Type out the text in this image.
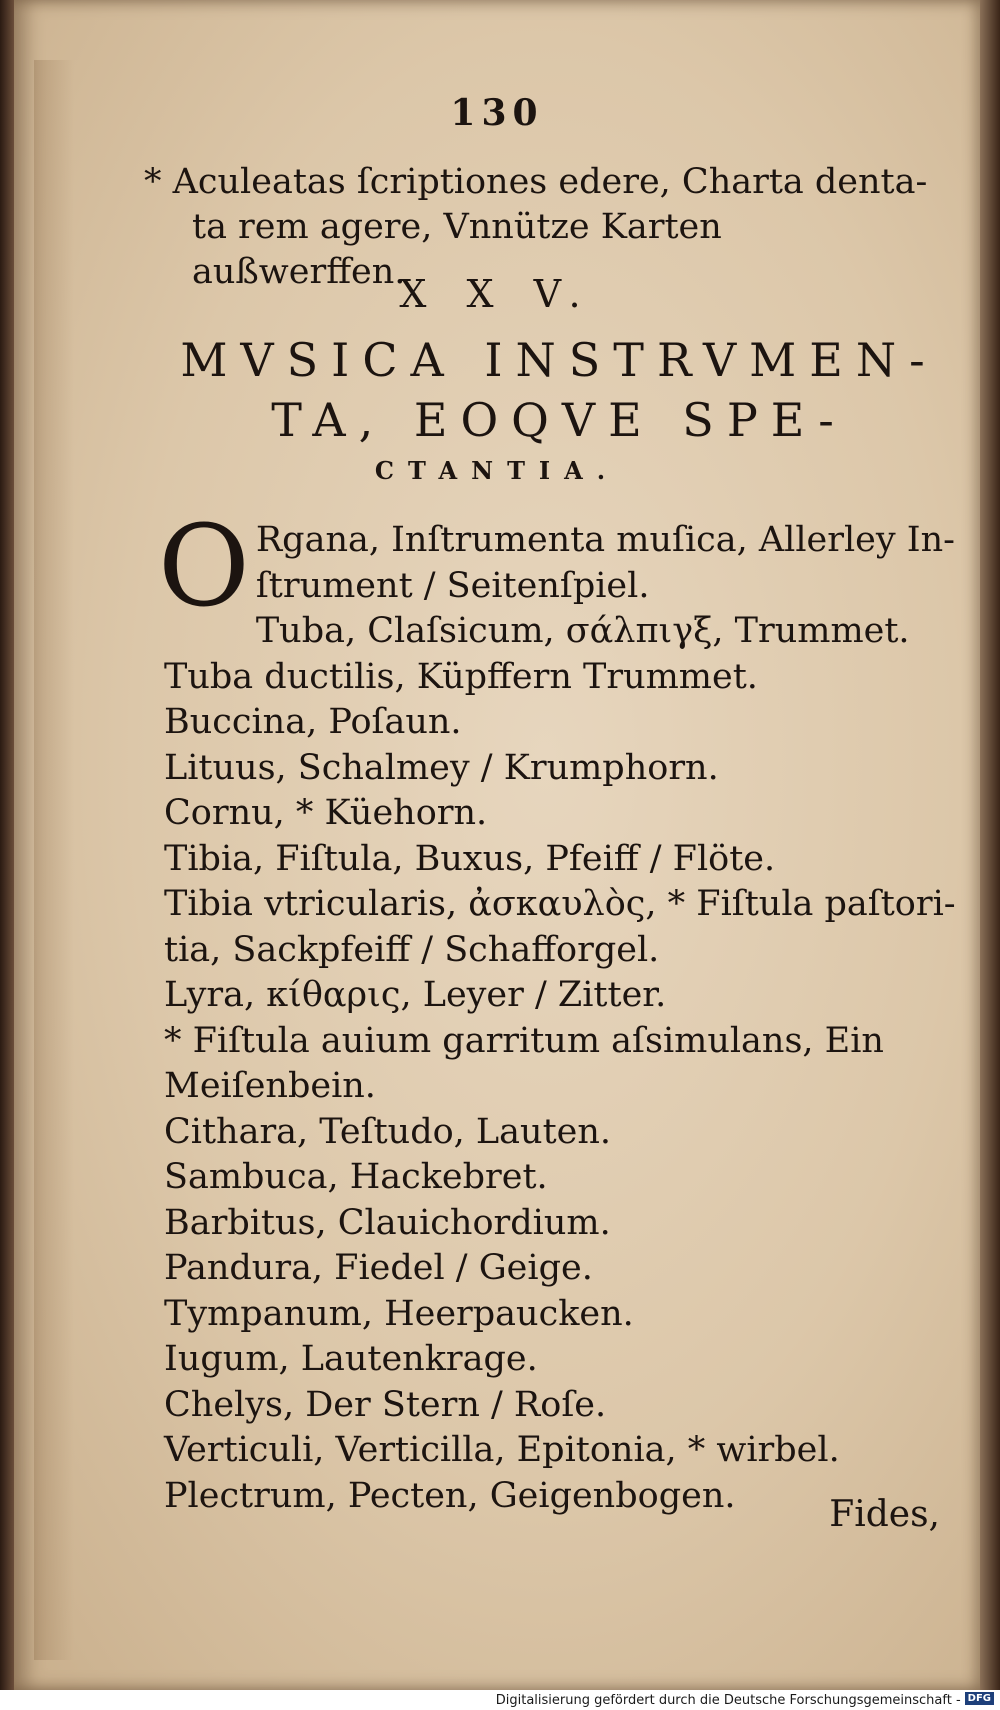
130
* Aculeatas ſcriptiones edere, Charta denta-
ta rem agere, Vnnütze Karten außwerffen.
X X V.
MVSICA INSTRVMEN-
TA, EOQVE SPE-
CTANTIA.
O Rgana, Inſtrumenta muſica, Allerley In-
ſtrument / Seitenſpiel.
Tuba, Claſsicum, σάλπιγξ, Trummet.
Tuba ductilis, Küpffern Trummet.
Buccina, Poſaun.
Lituus, Schalmey / Krumphorn.
Cornu, * Küehorn.
Tibia, Fiſtula, Buxus, Pfeiff / Flöte.
Tibia vtricularis, ἀσκαυλὸς, * Fiſtula paſtori-
tia, Sackpfeiff / Schafforgel.
Lyra, κίθαρις, Leyer / Zitter.
* Fiſtula auium garritum aſsimulans, Ein
Meiſenbein.
Cithara, Teſtudo, Lauten.
Sambuca, Hackebret.
Barbitus, Clauichordium.
Pandura, Fiedel / Geige.
Tympanum, Heerpaucken.
Iugum, Lautenkrage.
Chelys, Der Stern / Roſe.
Verticuli, Verticilla, Epitonia, * wirbel.
Plectrum, Pecten, Geigenbogen.	Fides,
Digitalisierung gefördert durch die Deutsche Forschungsgemeinschaft - DFG
